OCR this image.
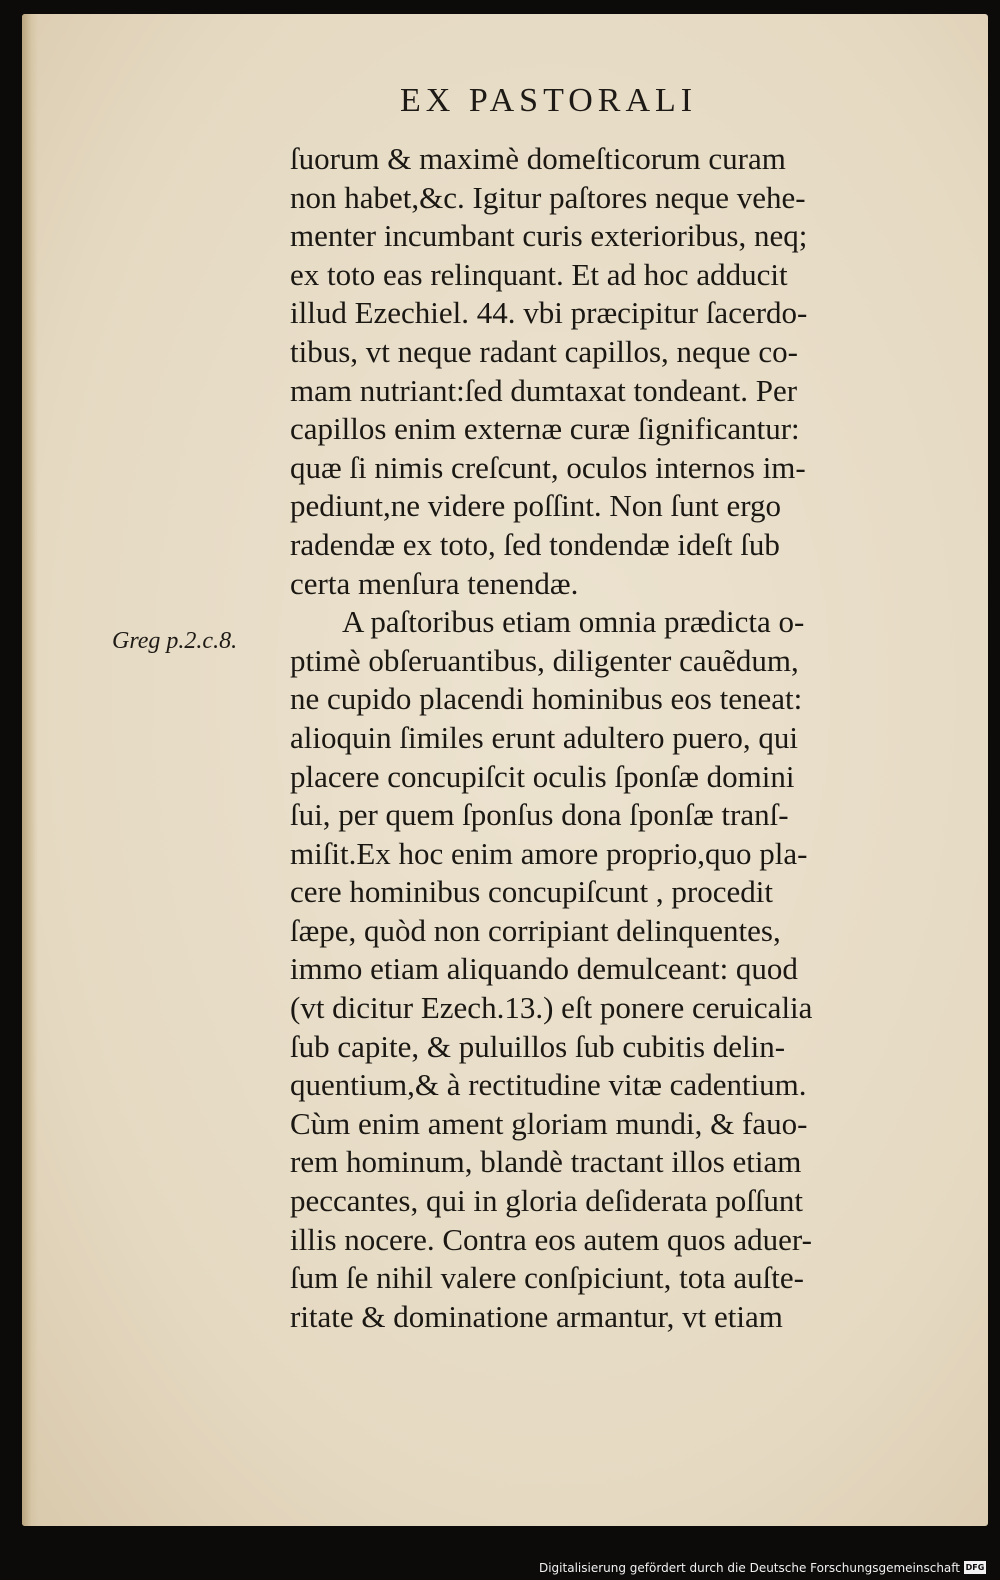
EX PASTORALI
Greg p.2.c.8.
ſuorum & maximè domeſticorum curam
non habet,&c. Igitur paſtores neque vehe-
menter incumbant curis exterioribus, neq;
ex toto eas relinquant. Et ad hoc adducit
illud Ezechiel. 44. vbi præcipitur ſacerdo-
tibus, vt neque radant capillos, neque co-
mam nutriant:ſed dumtaxat tondeant. Per
capillos enim externæ curæ ſignificantur:
quæ ſi nimis creſcunt, oculos internos im-
pediunt,ne videre poſſint. Non ſunt ergo
radendæ ex toto, ſed tondendæ ideſt ſub
certa menſura tenendæ.
A paſtoribus etiam omnia prædicta o-
ptimè obſeruantibus, diligenter cauẽdum,
ne cupido placendi hominibus eos teneat:
alioquin ſimiles erunt adultero puero, qui
placere concupiſcit oculis ſponſæ domini
ſui, per quem ſponſus dona ſponſæ tranſ-
miſit.Ex hoc enim amore proprio,quo pla-
cere hominibus concupiſcunt , procedit
ſæpe, quòd non corripiant delinquentes,
immo etiam aliquando demulceant: quod
(vt dicitur Ezech.13.) eſt ponere ceruicalia
ſub capite, & puluillos ſub cubitis delin-
quentium,& à rectitudine vitæ cadentium.
Cùm enim ament gloriam mundi, & fauo-
rem hominum, blandè tractant illos etiam
peccantes, qui in gloria deſiderata poſſunt
illis nocere. Contra eos autem quos aduer-
ſum ſe nihil valere conſpiciunt, tota auſte-
ritate & dominatione armantur, vt etiam
Digitalisierung gefördert durch die Deutsche Forschungsgemeinschaft DFG
